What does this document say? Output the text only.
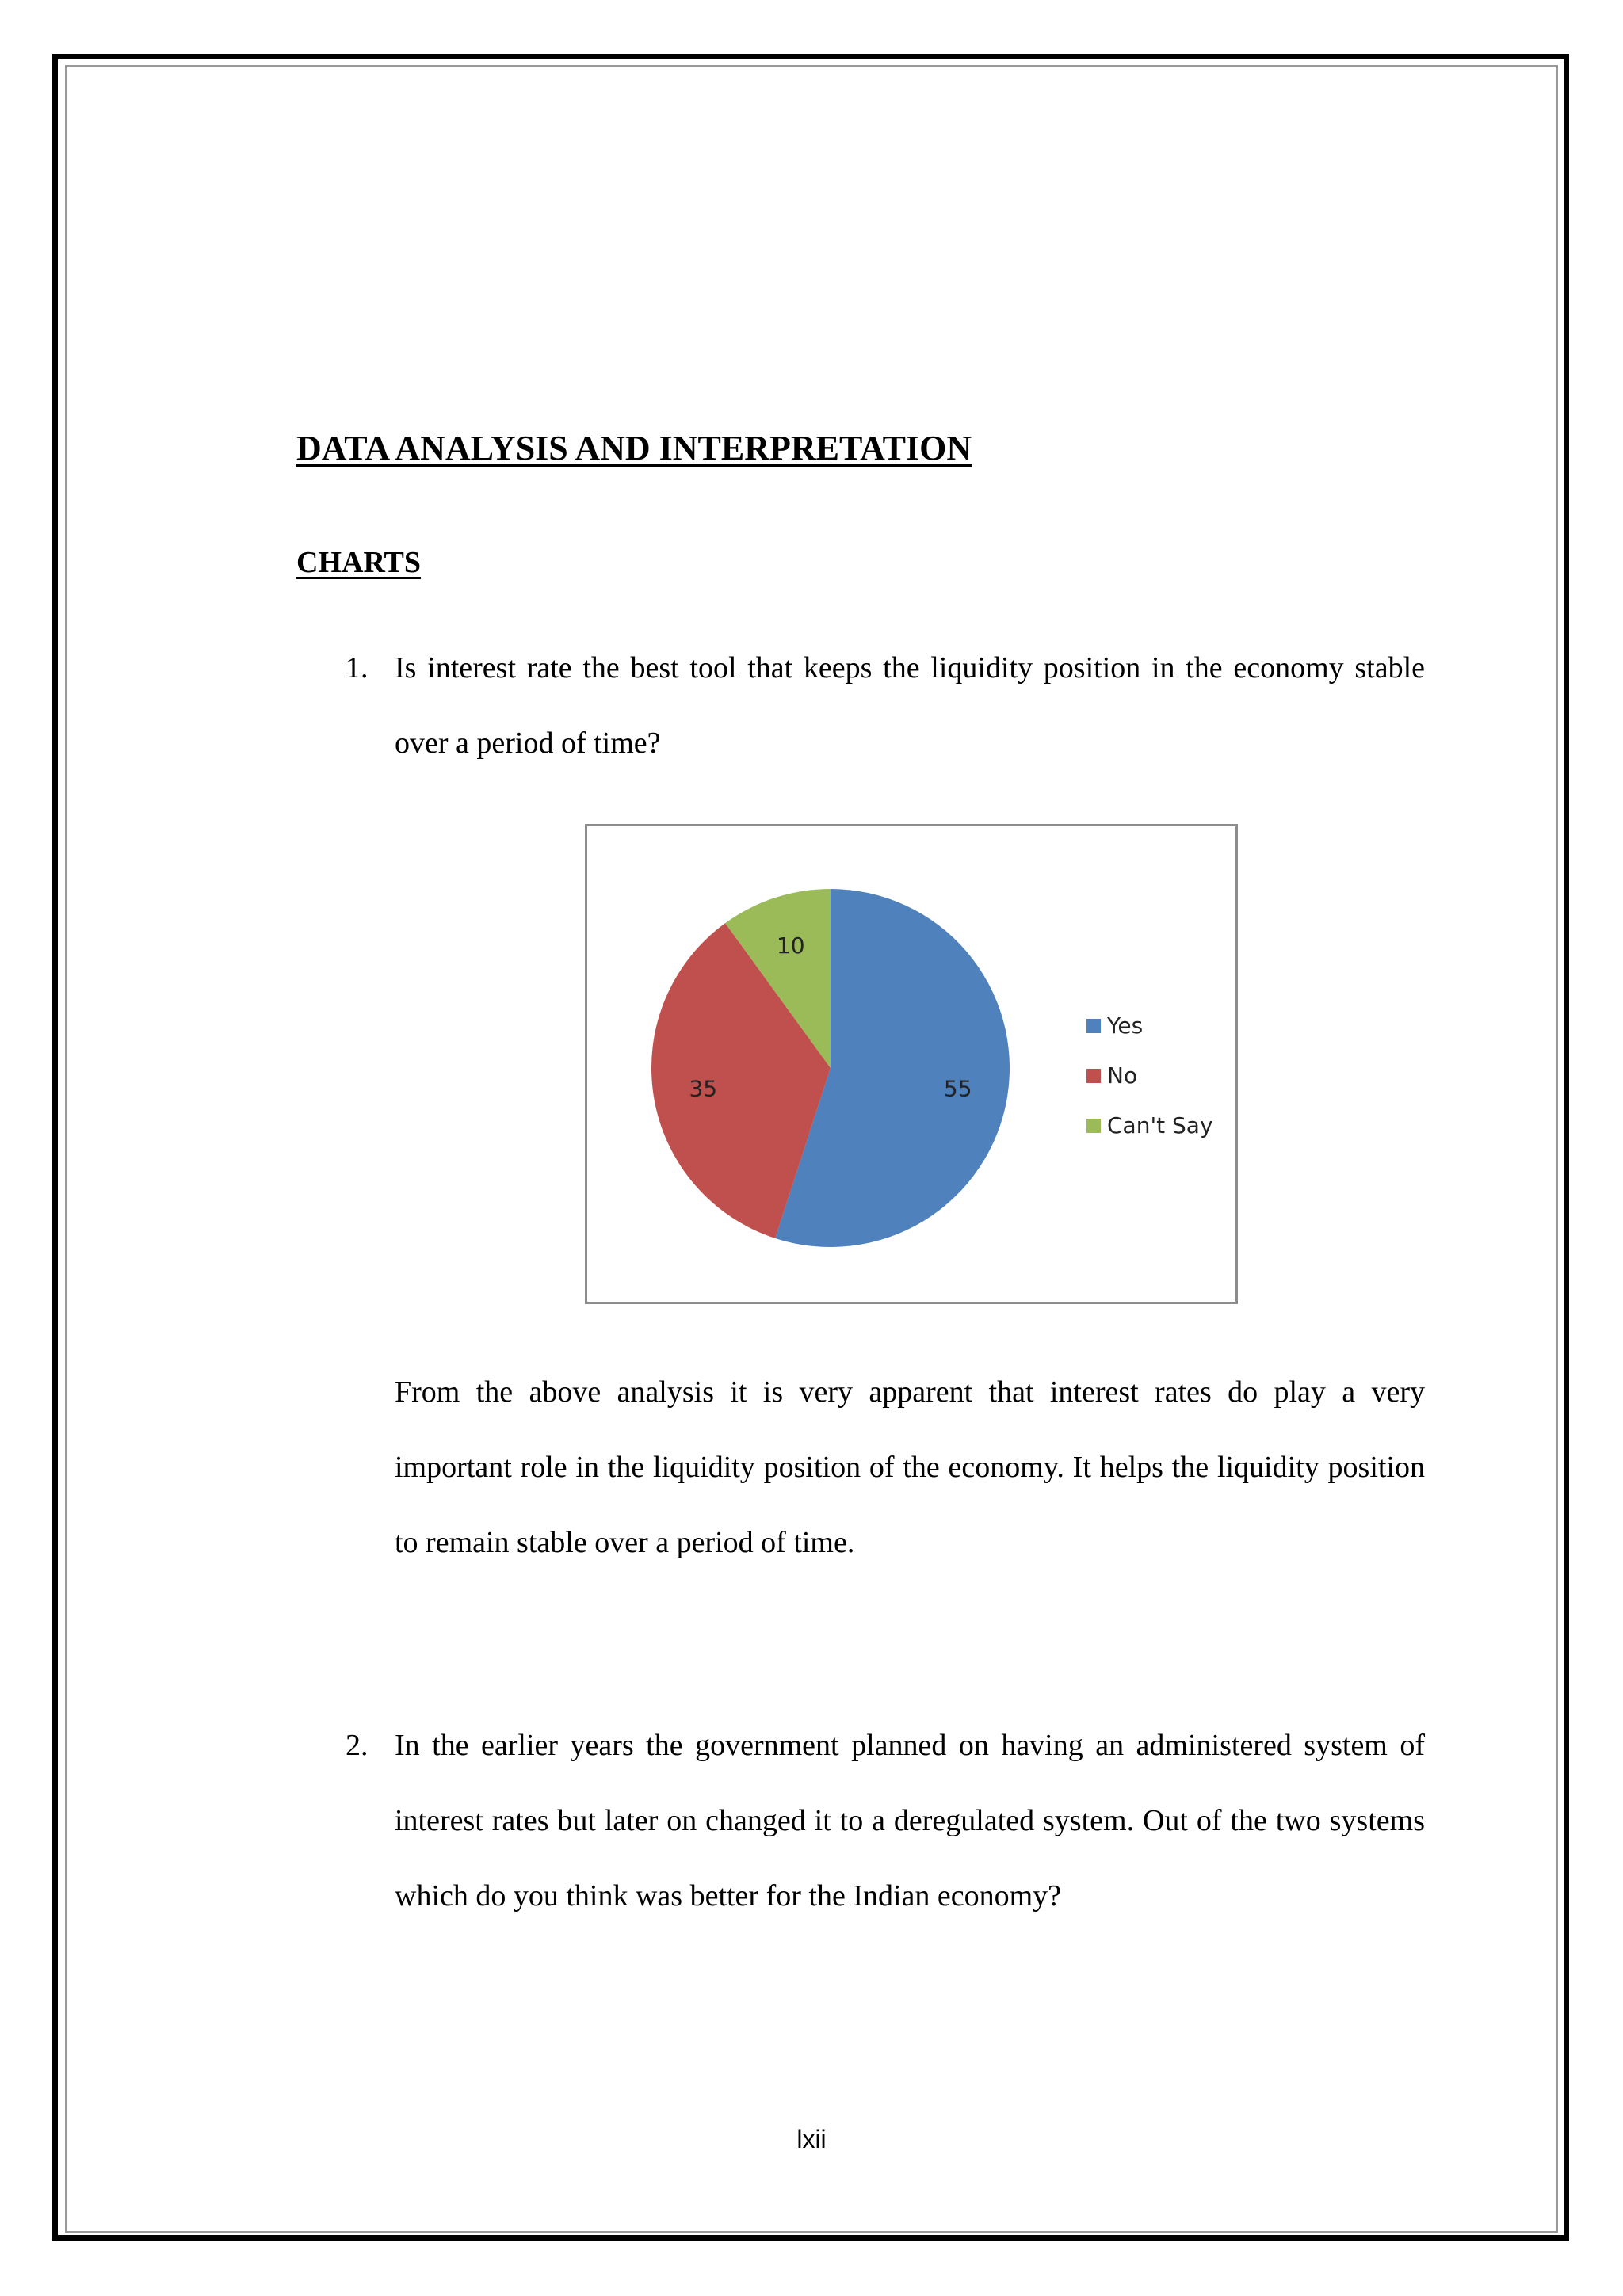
DATA ANALYSIS AND INTERPRETATION
CHARTS
1. Is interest rate the best tool that keeps the liquidity position in the economy stable over a period of time?
55
35
10
Yes
No
Can't Say
From the above analysis it is very apparent that interest rates do play a very important role in the liquidity position of the economy. It helps the liquidity position to remain stable over a period of time.
2. In the earlier years the government planned on having an administered system of interest rates but later on changed it to a deregulated system. Out of the two systems which do you think was better for the Indian economy?
lxii
